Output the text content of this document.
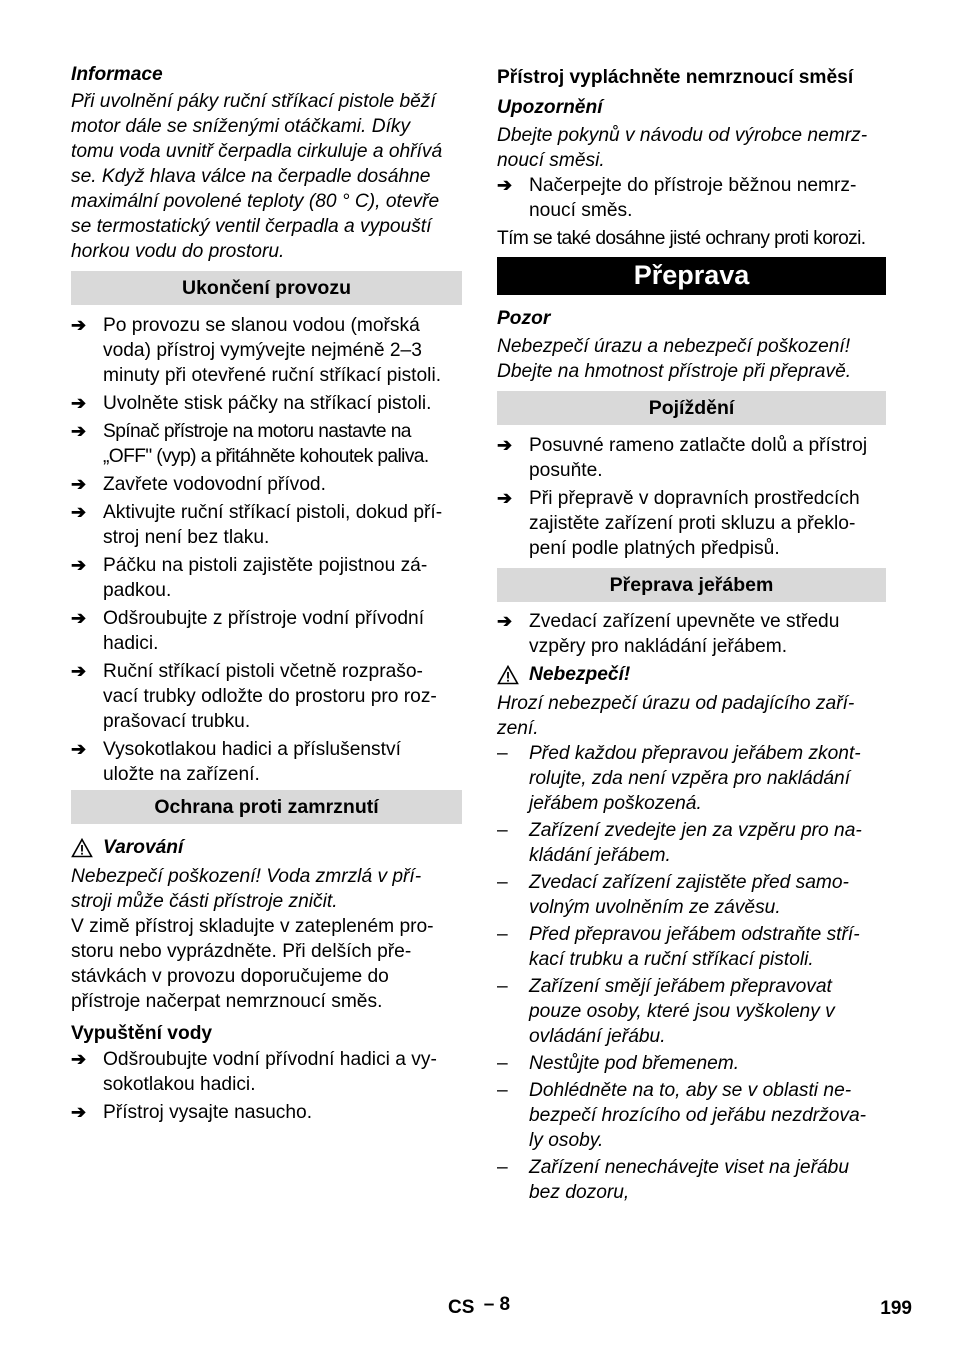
Informace

Při uvolnění páky ruční stříkací pistole běží
motor dále se sníženými otáčkami. Díky
tomu voda uvnitř čerpadla cirkuluje a ohřívá
se. Když hlava válce na čerpadle dosáhne
maximální povolené teploty (80 ° C), otevře
se termostatický ventil čerpadla a vypouští
horkou vodu do prostoru.
Ukončení provozu
➔ Po provozu se slanou vodou (mořská
voda) přístroj vymývejte nejméně 2–3
minuty při otevřené ruční stříkací pistoli.
➔ Uvolněte stisk páčky na stříkací pistoli.
➔ Spínač přístroje na motoru nastavte na
„OFF" (vyp) a přitáhněte kohoutek paliva.
➔ Zavřete vodovodní přívod.
➔ Aktivujte ruční stříkací pistoli, dokud pří-
stroj není bez tlaku.
➔ Páčku na pistoli zajistěte pojistnou zá-
padkou.
➔ Odšroubujte z přístroje vodní přívodní
hadici.
➔ Ruční stříkací pistoli včetně rozprašo-
vací trubky odložte do prostoru pro roz-
prašovací trubku.
➔ Vysokotlakou hadici a příslušenství
uložte na zařízení.
Ochrana proti zamrznutí
Varování
Nebezpečí poškození! Voda zmrzlá v pří-
stroji může části přístroje zničit.
V zimě přístroj skladujte v zatepleném pro-
storu nebo vyprázdněte. Při delších pře-
stávkách v provozu doporučujeme do
přístroje načerpat nemrznoucí směs.

Vypuštění vody

➔ Odšroubujte vodní přívodní hadici a vy-
sokotlakou hadici.
➔ Přístroj vysajte nasucho.

Přístroj vypláchněte nemrznoucí směsí

Upozornění

Dbejte pokynů v návodu od výrobce nemrz-
noucí směsi.
➔ Načerpejte do přístroje běžnou nemrz-
noucí směs.

Tím se také dosáhne jisté ochrany proti korozi.

Přeprava

Pozor

Nebezpečí úrazu a nebezpečí poškození!
Dbejte na hmotnost přístroje při přepravě.
Pojíždění
➔ Posuvné rameno zatlačte dolů a přístroj
posuňte.
➔ Při přepravě v dopravních prostředcích
zajistěte zařízení proti skluzu a překlo-
pení podle platných předpisů.
Přeprava jeřábem
➔ Zvedací zařízení upevněte ve středu
vzpěry pro nakládání jeřábem.
Nebezpečí!
Hrozí nebezpečí úrazu od padajícího zaří-
zení.
– Před každou přepravou jeřábem zkont-
rolujte, zda není vzpěra pro nakládání
jeřábem poškozená.
– Zařízení zvedejte jen za vzpěru pro na-
kládání jeřábem.
– Zvedací zařízení zajistěte před samo-
volným uvolněním ze závěsu.
– Před přepravou jeřábem odstraňte stří-
kací trubku a ruční stříkací pistoli.
– Zařízení smějí jeřábem přepravovat
pouze osoby, které jsou vyškoleny v
ovládání jeřábu.
– Nestůjte pod břemenem.
– Dohlédněte na to, aby se v oblasti ne-
bezpečí hrozícího od jeřábu nezdržova-
ly osoby.
– Zařízení nenechávejte viset na jeřábu
bez dozoru,
CS – 8	199
